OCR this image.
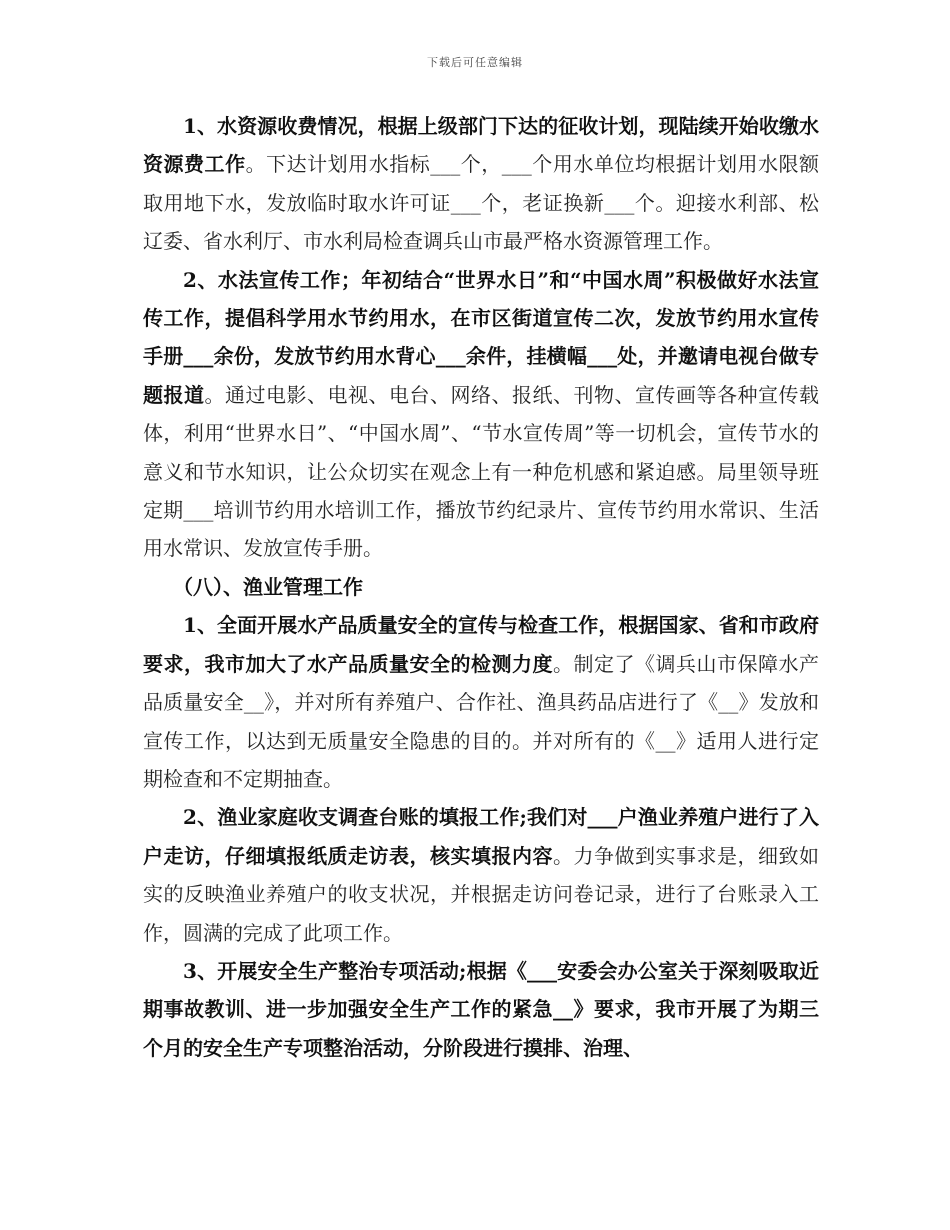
下载后可任意编辑

1、水资源收费情况，根据上级部门下达的征收计划，现陆续开始收缴水资源费工作。下达计划用水指标___个，___个用水单位均根据计划用水限额取用地下水，发放临时取水许可证___个，老证换新___个。迎接水利部、松辽委、省水利厅、市水利局检查调兵山市最严格水资源管理工作。

2、水法宣传工作；年初结合“世界水日”和“中国水周”积极做好水法宣传工作，提倡科学用水节约用水，在市区街道宣传二次，发放节约用水宣传手册___余份，发放节约用水背心___余件，挂横幅___处，并邀请电视台做专题报道。通过电影、电视、电台、网络、报纸、刊物、宣传画等各种宣传载体，利用“世界水日”、“中国水周”、“节水宣传周”等一切机会，宣传节水的意义和节水知识，让公众切实在观念上有一种危机感和紧迫感。局里领导班定期___培训节约用水培训工作，播放节约纪录片、宣传节约用水常识、生活用水常识、发放宣传手册。

（八）、渔业管理工作

1、全面开展水产品质量安全的宣传与检查工作，根据国家、省和市政府要求，我市加大了水产品质量安全的检测力度。制定了《调兵山市保障水产品质量安全__》，并对所有养殖户、合作社、渔具药品店进行了《__》发放和宣传工作，以达到无质量安全隐患的目的。并对所有的《__》适用人进行定期检查和不定期抽查。

2、渔业家庭收支调查台账的填报工作;我们对___户渔业养殖户进行了入户走访，仔细填报纸质走访表，核实填报内容。力争做到实事求是，细致如实的反映渔业养殖户的收支状况，并根据走访问卷记录，进行了台账录入工作，圆满的完成了此项工作。

3、开展安全生产整治专项活动;根据《___安委会办公室关于深刻吸取近期事故教训、进一步加强安全生产工作的紧急__》要求，我市开展了为期三个月的安全生产专项整治活动，分阶段进行摸排、治理、
